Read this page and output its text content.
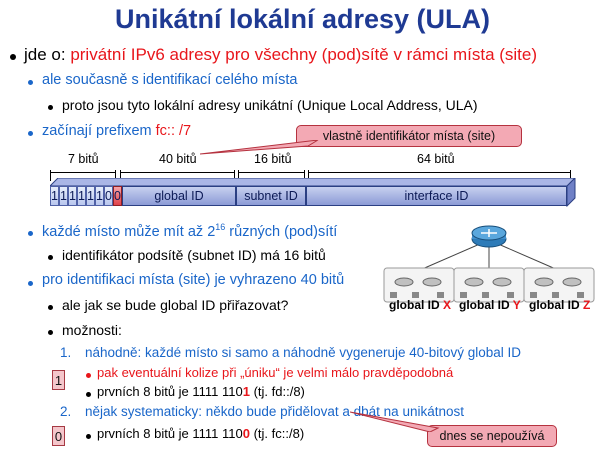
Unikátní lokální adresy (ULA)
jde o: privátní IPv6 adresy pro všechny (pod)sítě v rámci místa (site)
ale současně s identifikací celého místa
proto jsou tyto lokální adresy unikátní (Unique Local Address, ULA)
začínají prefixem fc:: /7	vlastně identifikátor místa (site)
7 bitů	40 bitů	16 bitů	64 bitů
1 1 1 1 1 1 0 0	global ID	subnet ID	interface ID
každé místo může mít až $2^{16}$ různých (pod)sítí
identifikátor podsítě (subnet ID) má 16 bitů
pro identifikaci místa (site) je vyhrazeno 40 bitů
ale jak se bude global ID přiřazovat?
možnosti:
1. náhodně: každé místo si samo a náhodně vygeneruje 40-bitový global ID
pak eventuální kolize při „úniku“ je velmi málo pravděpodobná
prvních 8 bitů je 1111 1101 (tj. fd::/8)
1
2. nějak systematicky: někdo bude přidělovat a dbát na unikátnost
prvních 8 bitů je 1111 1100 (tj. fc::/8)
0	dnes se nepoužívá
global ID X global ID Y global ID Z
